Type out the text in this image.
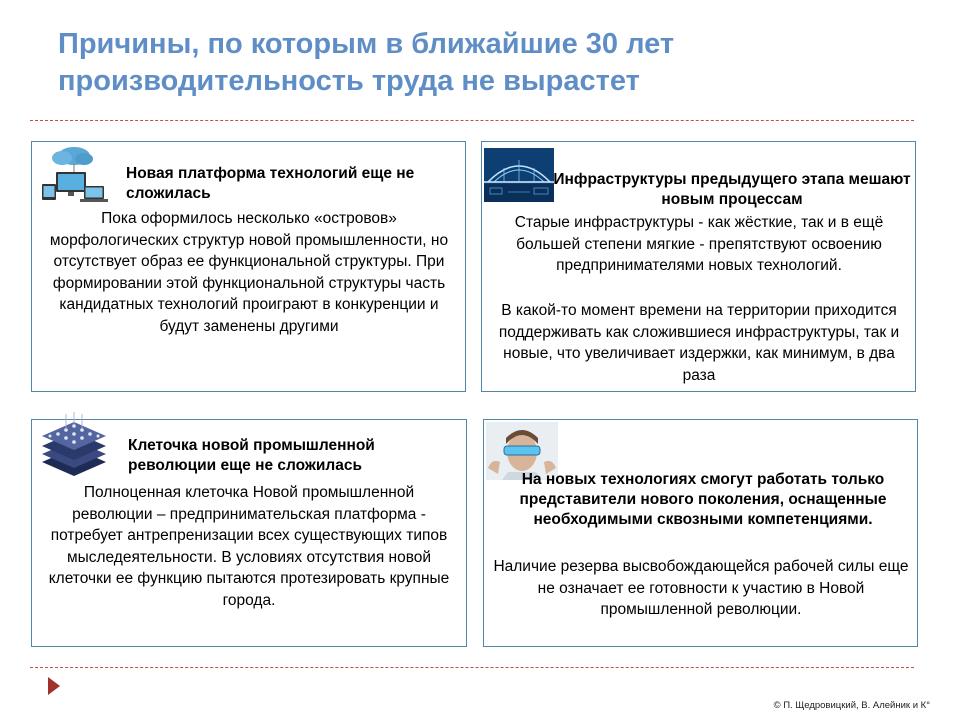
Причины, по которым в ближайшие 30 лет производительность труда не вырастет
Новая платформа технологий еще не сложилась
Пока оформилось несколько «островов» морфологических структур новой промышленности, но отсутствует образ ее функциональной структуры. При формировании этой функциональной структуры часть кандидатных технологий проиграют в конкуренции и будут заменены другими
Инфраструктуры предыдущего этапа мешают новым процессам
Старые инфраструктуры - как жёсткие, так и в ещё большей степени мягкие - препятствуют освоению предпринимателями новых технологий.
В какой-то момент времени на территории приходится поддерживать как сложившиеся инфраструктуры, так и новые, что увеличивает издержки, как минимум, в два раза
Клеточка новой промышленной революции еще не сложилась
Полноценная клеточка Новой промышленной революции – предпринимательская платформа - потребует антрепренизации всех существующих типов мыследеятельности. В условиях отсутствия новой клеточки ее функцию пытаются протезировать крупные города.
На новых технологиях смогут работать только представители нового поколения, оснащенные необходимыми сквозными компетенциями.
Наличие резерва высвобождающейся рабочей силы еще не означает ее готовности к участию в Новой промышленной революции.
© П. Щедровицкий, В. Алейник и К°
